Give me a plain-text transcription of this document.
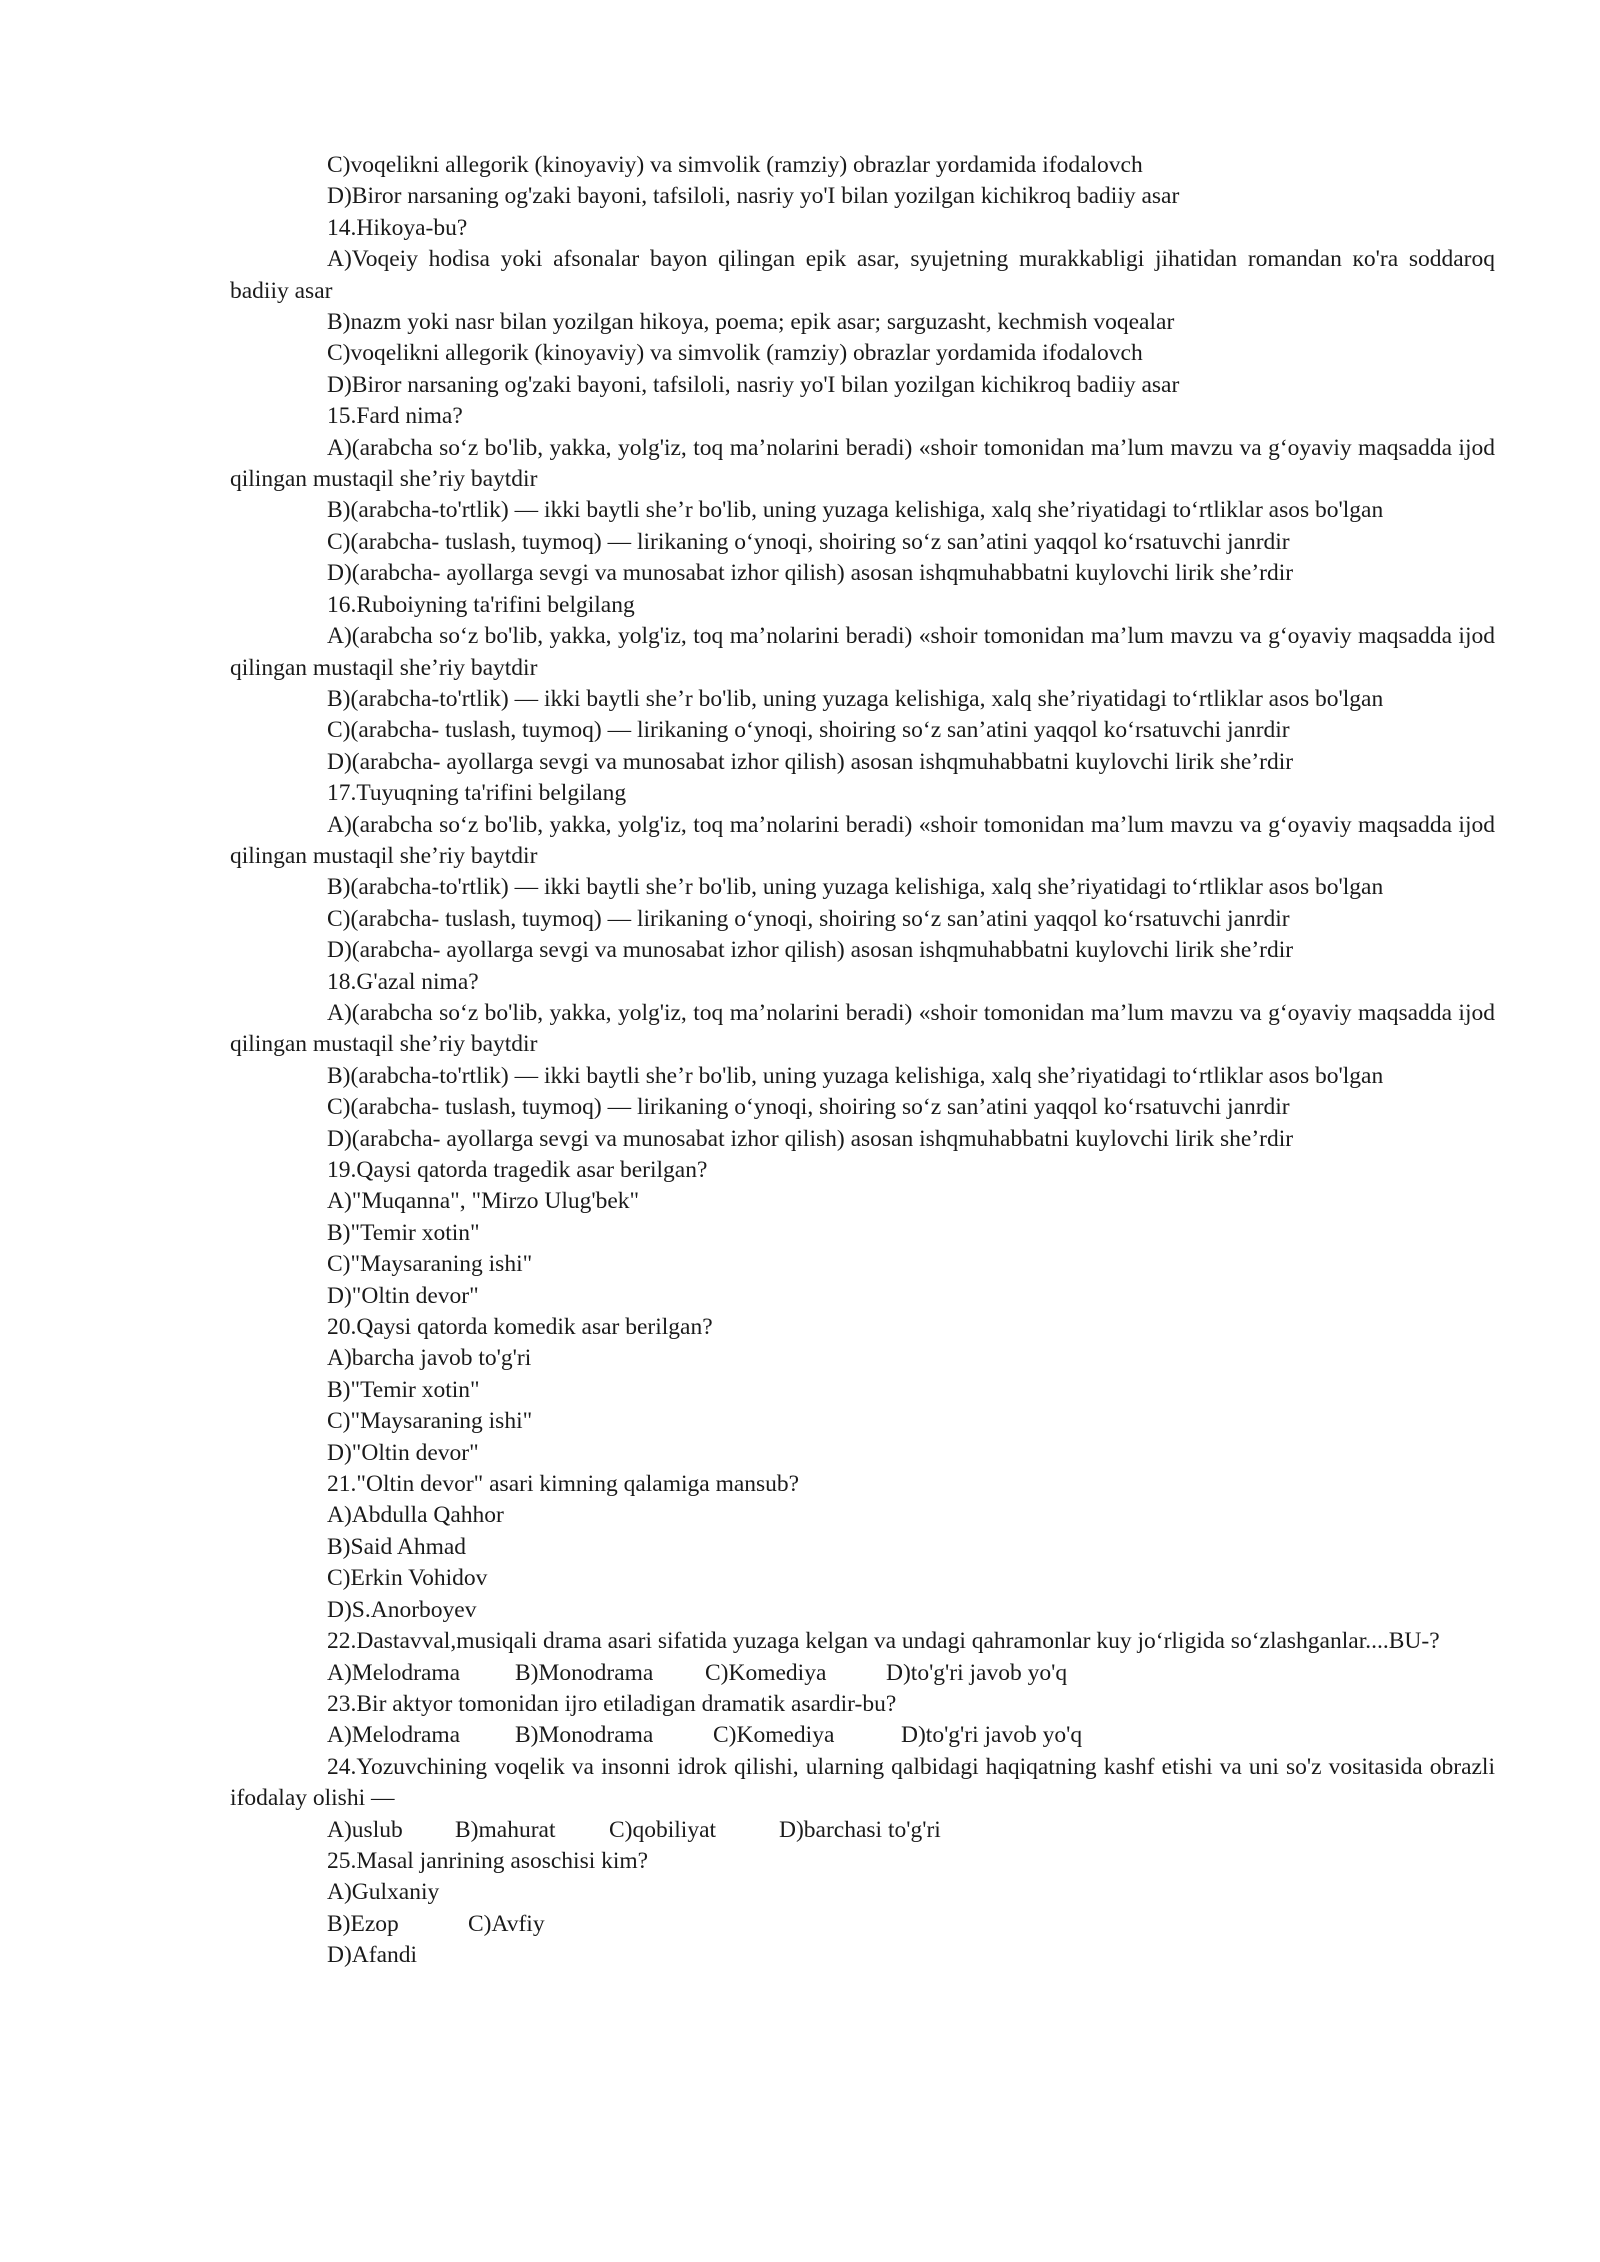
C)voqelikni allegorik (kinoyaviy) va simvolik (ramziy) obrazlar yordamida ifodalovch

D)Biror narsaning og'zaki bayoni, tafsiloli, nasriy yo'I bilan yozilgan kichikroq badiiy asar

14.Hikoya-bu?

A)Voqeiy hodisa yoki afsonalar bayon qilingan epik asar, syujetning murakkabligi jihatidan romandan кo'ra soddaroq badiiy asar

B)nazm yoki nasr bilan yozilgan hikoya, poema; epik asar; sarguzasht, kechmish voqealar

C)voqelikni allegorik (kinoyaviy) va simvolik (ramziy) obrazlar yordamida ifodalovch

D)Biror narsaning og'zaki bayoni, tafsiloli, nasriy yo'I bilan yozilgan kichikroq badiiy asar

15.Fard nima?

A)(arabcha so‘z bo'lib, yakka, yolg'iz, toq ma’nolarini beradi) «shoir tomonidan ma’lum mavzu va g‘oyaviy maqsadda ijod qilingan mustaqil she’riy baytdir

B)(arabcha-to'rtlik) — ikki baytli she’r bo'lib, uning yuzaga kelishiga, xalq she’riyatidagi to‘rtliklar asos bo'lgan

C)(arabcha- tuslash, tuymoq) — lirikaning o‘ynoqi, shoiring so‘z san’atini yaqqol ko‘rsatuvchi janrdir

D)(arabcha- ayollarga sevgi va munosabat izhor qilish) asosan ishqmuhabbatni kuylovchi lirik she’rdir

16.Ruboiyning ta'rifini belgilang

A)(arabcha so‘z bo'lib, yakka, yolg'iz, toq ma’nolarini beradi) «shoir tomonidan ma’lum mavzu va g‘oyaviy maqsadda ijod qilingan mustaqil she’riy baytdir

B)(arabcha-to'rtlik) — ikki baytli she’r bo'lib, uning yuzaga kelishiga, xalq she’riyatidagi to‘rtliklar asos bo'lgan

C)(arabcha- tuslash, tuymoq) — lirikaning o‘ynoqi, shoiring so‘z san’atini yaqqol ko‘rsatuvchi janrdir

D)(arabcha- ayollarga sevgi va munosabat izhor qilish) asosan ishqmuhabbatni kuylovchi lirik she’rdir

17.Tuyuqning ta'rifini belgilang

A)(arabcha so‘z bo'lib, yakka, yolg'iz, toq ma’nolarini beradi) «shoir tomonidan ma’lum mavzu va g‘oyaviy maqsadda ijod qilingan mustaqil she’riy baytdir

B)(arabcha-to'rtlik) — ikki baytli she’r bo'lib, uning yuzaga kelishiga, xalq she’riyatidagi to‘rtliklar asos bo'lgan

C)(arabcha- tuslash, tuymoq) — lirikaning o‘ynoqi, shoiring so‘z san’atini yaqqol ko‘rsatuvchi janrdir

D)(arabcha- ayollarga sevgi va munosabat izhor qilish) asosan ishqmuhabbatni kuylovchi lirik she’rdir

18.G'azal nima?

A)(arabcha so‘z bo'lib, yakka, yolg'iz, toq ma’nolarini beradi) «shoir tomonidan ma’lum mavzu va g‘oyaviy maqsadda ijod qilingan mustaqil she’riy baytdir

B)(arabcha-to'rtlik) — ikki baytli she’r bo'lib, uning yuzaga kelishiga, xalq she’riyatidagi to‘rtliklar asos bo'lgan

C)(arabcha- tuslash, tuymoq) — lirikaning o‘ynoqi, shoiring so‘z san’atini yaqqol ko‘rsatuvchi janrdir

D)(arabcha- ayollarga sevgi va munosabat izhor qilish) asosan ishqmuhabbatni kuylovchi lirik she’rdir

19.Qaysi qatorda tragedik asar berilgan?

A)"Muqanna", "Mirzo Ulug'bek"

B)"Temir xotin"

C)"Maysaraning ishi"

D)"Oltin devor"

20.Qaysi qatorda komedik asar berilgan?

A)barcha javob to'g'ri

B)"Temir xotin"

C)"Maysaraning ishi"

D)"Oltin devor"

21."Oltin devor" asari kimning qalamiga mansub?

A)Abdulla Qahhor

B)Said Ahmad

C)Erkin Vohidov

D)S.Anorboyev

22.Dastavval,musiqali drama asari sifatida yuzaga kelgan va undagi qahramonlar kuy jo‘rligida so‘zlashganlar....BU-?

A)Melodrama B)Monodrama C)Komediya	D)to'g'ri javob yo'q

23.Bir aktyor tomonidan ijro etiladigan dramatik asardir-bu?

A)Melodrama B)Monodrama	C)Komediya	D)to'g'ri javob yo'q

24.Yozuvchining voqelik va insonni idrok qilishi, ularning qalbidagi haqiqatning kashf etishi va uni so'z vositasida obrazli ifodalay olishi —

A)uslub B)mahurat C)qobiliyat	D)barchasi to'g'ri

25.Masal janrining asoschisi kim?

A)Gulxaniy

B)Ezop	C)Avfiy

D)Afandi
